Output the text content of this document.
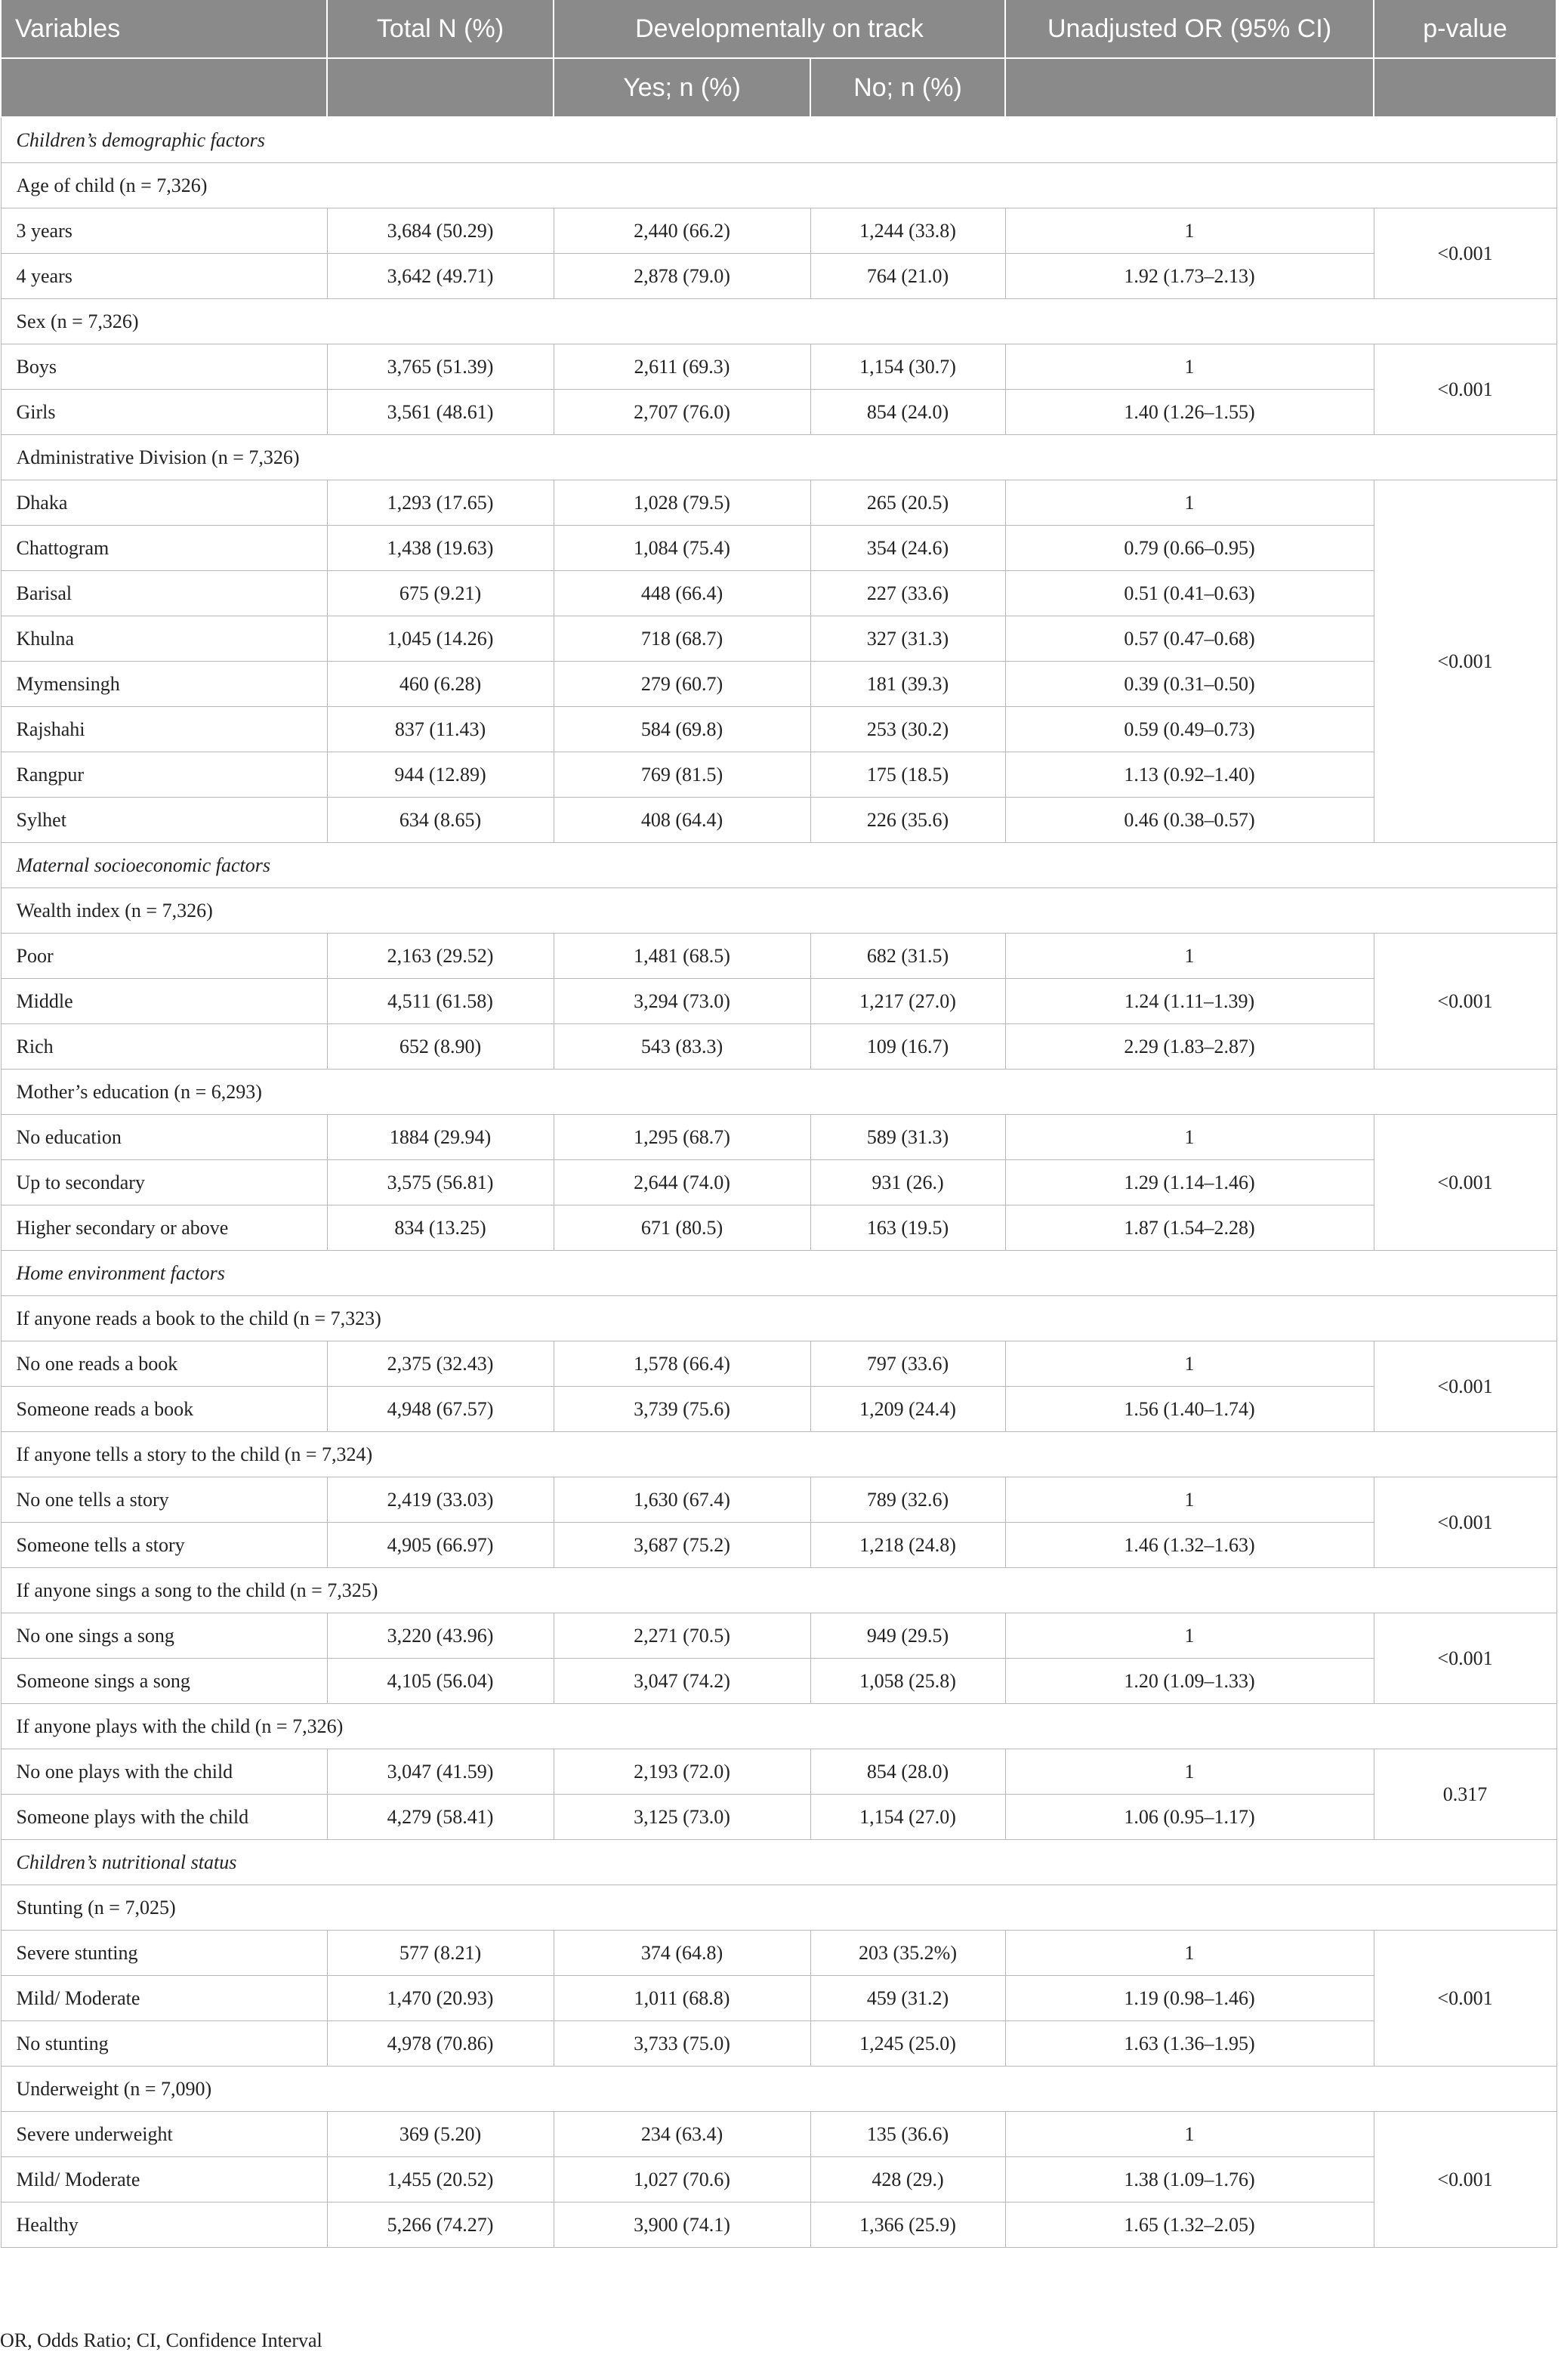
Variables	Total N (%)	Developmentally on track		Unadjusted OR (95% CI)	p-value
		Yes; n (%)	No; n (%)		
Children’s demographic factors					
Age of child (n = 7,326)					
3 years	3,684 (50.29)	2,440 (66.2)	1,244 (33.8)	1	<0.001
4 years	3,642 (49.71)	2,878 (79.0)	764 (21.0)	1.92 (1.73–2.13)	
Sex (n = 7,326)					
Boys	3,765 (51.39)	2,611 (69.3)	1,154 (30.7)	1	<0.001
Girls	3,561 (48.61)	2,707 (76.0)	854 (24.0)	1.40 (1.26–1.55)	
Administrative Division (n = 7,326)					
Dhaka	1,293 (17.65)	1,028 (79.5)	265 (20.5)	1	<0.001
Chattogram	1,438 (19.63)	1,084 (75.4)	354 (24.6)	0.79 (0.66–0.95)	
Barisal	675 (9.21)	448 (66.4)	227 (33.6)	0.51 (0.41–0.63)	
Khulna	1,045 (14.26)	718 (68.7)	327 (31.3)	0.57 (0.47–0.68)	
Mymensingh	460 (6.28)	279 (60.7)	181 (39.3)	0.39 (0.31–0.50)	
Rajshahi	837 (11.43)	584 (69.8)	253 (30.2)	0.59 (0.49–0.73)	
Rangpur	944 (12.89)	769 (81.5)	175 (18.5)	1.13 (0.92–1.40)	
Sylhet	634 (8.65)	408 (64.4)	226 (35.6)	0.46 (0.38–0.57)	
Maternal socioeconomic factors					
Wealth index (n = 7,326)					
Poor	2,163 (29.52)	1,481 (68.5)	682 (31.5)	1	<0.001
Middle	4,511 (61.58)	3,294 (73.0)	1,217 (27.0)	1.24 (1.11–1.39)	
Rich	652 (8.90)	543 (83.3)	109 (16.7)	2.29 (1.83–2.87)	
Mother’s education (n = 6,293)					
No education	1884 (29.94)	1,295 (68.7)	589 (31.3)	1	<0.001
Up to secondary	3,575 (56.81)	2,644 (74.0)	931 (26.)	1.29 (1.14–1.46)	
Higher secondary or above	834 (13.25)	671 (80.5)	163 (19.5)	1.87 (1.54–2.28)	
Home environment factors					
If anyone reads a book to the child (n = 7,323)					
No one reads a book	2,375 (32.43)	1,578 (66.4)	797 (33.6)	1	<0.001
Someone reads a book	4,948 (67.57)	3,739 (75.6)	1,209 (24.4)	1.56 (1.40–1.74)	
If anyone tells a story to the child (n = 7,324)					
No one tells a story	2,419 (33.03)	1,630 (67.4)	789 (32.6)	1	<0.001
Someone tells a story	4,905 (66.97)	3,687 (75.2)	1,218 (24.8)	1.46 (1.32–1.63)	
If anyone sings a song to the child (n = 7,325)					
No one sings a song	3,220 (43.96)	2,271 (70.5)	949 (29.5)	1	<0.001
Someone sings a song	4,105 (56.04)	3,047 (74.2)	1,058 (25.8)	1.20 (1.09–1.33)	
If anyone plays with the child (n = 7,326)					
No one plays with the child	3,047 (41.59)	2,193 (72.0)	854 (28.0)	1	0.317
Someone plays with the child	4,279 (58.41)	3,125 (73.0)	1,154 (27.0)	1.06 (0.95–1.17)	
Children’s nutritional status					
Stunting (n = 7,025)					
Severe stunting	577 (8.21)	374 (64.8)	203 (35.2%)	1	<0.001
Mild/ Moderate	1,470 (20.93)	1,011 (68.8)	459 (31.2)	1.19 (0.98–1.46)	
No stunting	4,978 (70.86)	3,733 (75.0)	1,245 (25.0)	1.63 (1.36–1.95)	
Underweight (n = 7,090)					
Severe underweight	369 (5.20)	234 (63.4)	135 (36.6)	1	<0.001
Mild/ Moderate	1,455 (20.52)	1,027 (70.6)	428 (29.)	1.38 (1.09–1.76)	
Healthy	5,266 (74.27)	3,900 (74.1)	1,366 (25.9)	1.65 (1.32–2.05)	
OR, Odds Ratio; CI, Confidence Interval
